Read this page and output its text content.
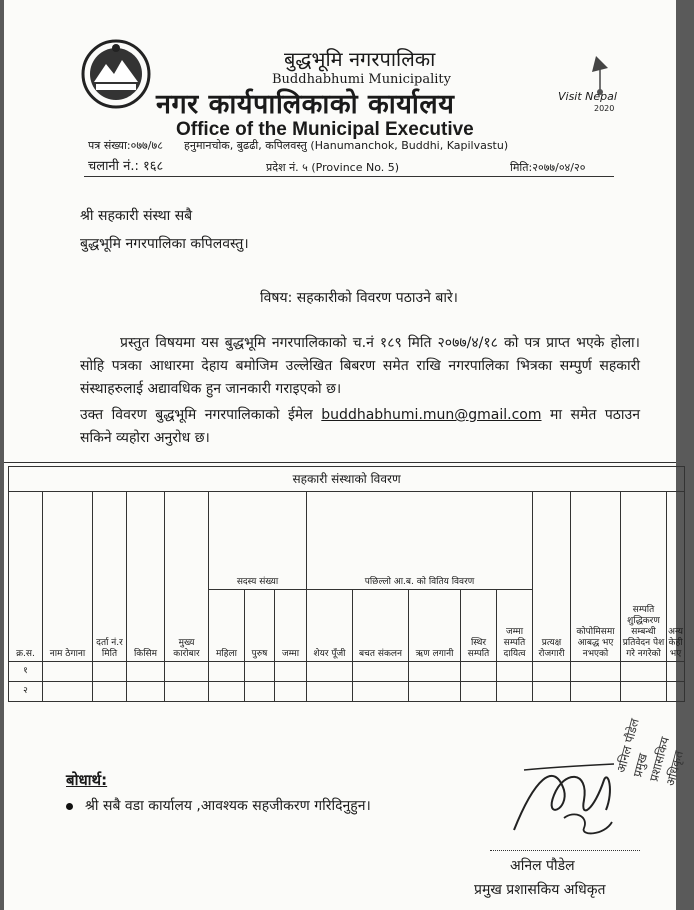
बुद्धभूमि नगरपालिका
Buddhabhumi Municipality
नगर कार्यपालिकाको कार्यालय
Office of the Municipal Executive
Visit Nepal
2020
पत्र संख्या:०७७/७८ हनुमानचोक, बुढढी, कपिलवस्तु (Hanumanchok, Buddhi, Kapilvastu)
चलानी नं.: १६८	प्रदेश नं. ५ (Province No. 5)	मिति:२०७७/०४/२०
श्री सहकारी संस्था सबै
बुद्धभूमि नगरपालिका कपिलवस्तु।
विषय: सहकारीको विवरण पठाउने बारे।
प्रस्तुत विषयमा यस बुद्धभूमि नगरपालिकाको च.नं १८९ मिति २०७७/४/१८ को पत्र प्राप्त भएके होला। सोहि पत्रका आधारमा देहाय बमोजिम उल्लेखित बिबरण समेत राखि नगरपालिका भित्रका सम्पुर्ण सहकारी संस्थाहरुलाई अद्यावधिक हुन जानकारी गराइएको छ।
उक्त विवरण बुद्धभूमि नगरपालिकाको ईमेल buddhabhumi.mun@gmail.com मा समेत पठाउन सकिने व्यहोरा अनुरोध छ।
सहकारी संस्थाको विवरण																
क्र.स.	नाम ठेगाना	दर्ता नं.र मिति	किसिम	मुख्य कारोबार	सदस्य संख्या			पछिल्लो आ.ब. को वितिय विवरण					प्रत्यक्ष रोजगारी	कोपोमिसमा आबद्ध भए नभएको	सम्पति शुद्धिकरण सम्बन्धी प्रतिवेदन पेश गरे नगरेको	अन्य केही भए
					महिला	पुरुष	जम्मा	शेयर पूँजी	बचत संकलन	ऋण लगानी	स्थिर सम्पति	जम्मा सम्पति दायित्व				
१																
२																
बोधार्थ:
श्री सबै वडा कार्यालय ,आवश्यक सहजीकरण गरिदिनुहुन।
अनिल पौडेल प्रमुख प्रशासकिय अधिकृत
अनिल पौडेल
प्रमुख प्रशासकिय अधिकृत
